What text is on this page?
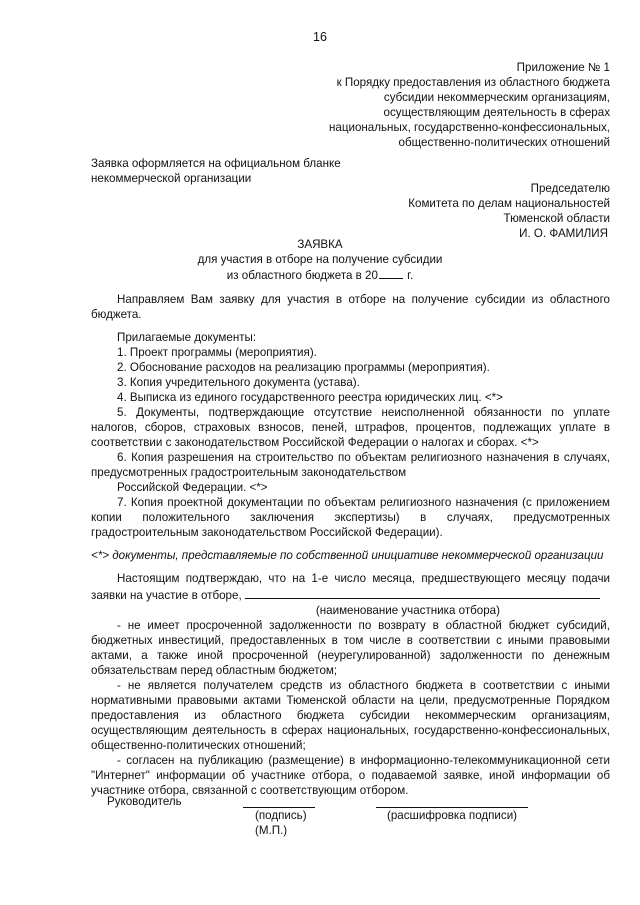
16
Приложение № 1
к Порядку предоставления из областного бюджета
субсидии некоммерческим организациям,
осуществляющим деятельность в сферах
национальных, государственно-конфессиональных,
общественно-политических отношений
Заявка оформляется на официальном бланке
некоммерческой организации
Председателю
Комитета по делам национальностей
Тюменской области
И. О. ФАМИЛИЯ
ЗАЯВКА
для участия в отборе на получение субсидии
из областного бюджета в 20 г.

Направляем Вам заявку для участия в отборе на получение субсидии из областного бюджета.

Прилагаемые документы:

1. Проект программы (мероприятия).

2. Обоснование расходов на реализацию программы (мероприятия).

3. Копия учредительного документа (устава).

4. Выписка из единого государственного реестра юридических лиц. <*>

5. Документы, подтверждающие отсутствие неисполненной обязанности по уплате налогов, сборов, страховых взносов, пеней, штрафов, процентов, подлежащих уплате в соответствии с законодательством Российской Федерации о налогах и сборах. <*>

6. Копия разрешения на строительство по объектам религиозного назначения в случаях, предусмотренных градостроительным законодательством

Российской Федерации. <*>

7. Копия проектной документации по объектам религиозного назначения (с приложением копии положительного заключения экспертизы) в случаях, предусмотренных градостроительным законодательством Российской Федерации).

<*> документы, представляемые по собственной инициативе некоммерческой организации

Настоящим подтверждаю, что на 1-е число месяца, предшествующего месяцу подачи заявки на участие в отборе,

(наименование участника отбора)

- не имеет просроченной задолженности по возврату в областной бюджет субсидий, бюджетных инвестиций, предоставленных в том числе в соответствии с иными правовыми актами, а также иной просроченной (неурегулированной) задолженности по денежным обязательствам перед областным бюджетом;

- не является получателем средств из областного бюджета в соответствии с иными нормативными правовыми актами Тюменской области на цели, предусмотренные Порядком предоставления из областного бюджета субсидии некоммерческим организациям, осуществляющим деятельность в сферах национальных, государственно-конфессиональных, общественно-политических отношений;

- согласен на публикацию (размещение) в информационно-телекоммуникационной сети "Интернет" информации об участнике отбора, о подаваемой заявке, иной информации об участнике отбора, связанной с соответствующим отбором.

Руководитель
(подпись)	(расшифровка подписи)
(М.П.)
